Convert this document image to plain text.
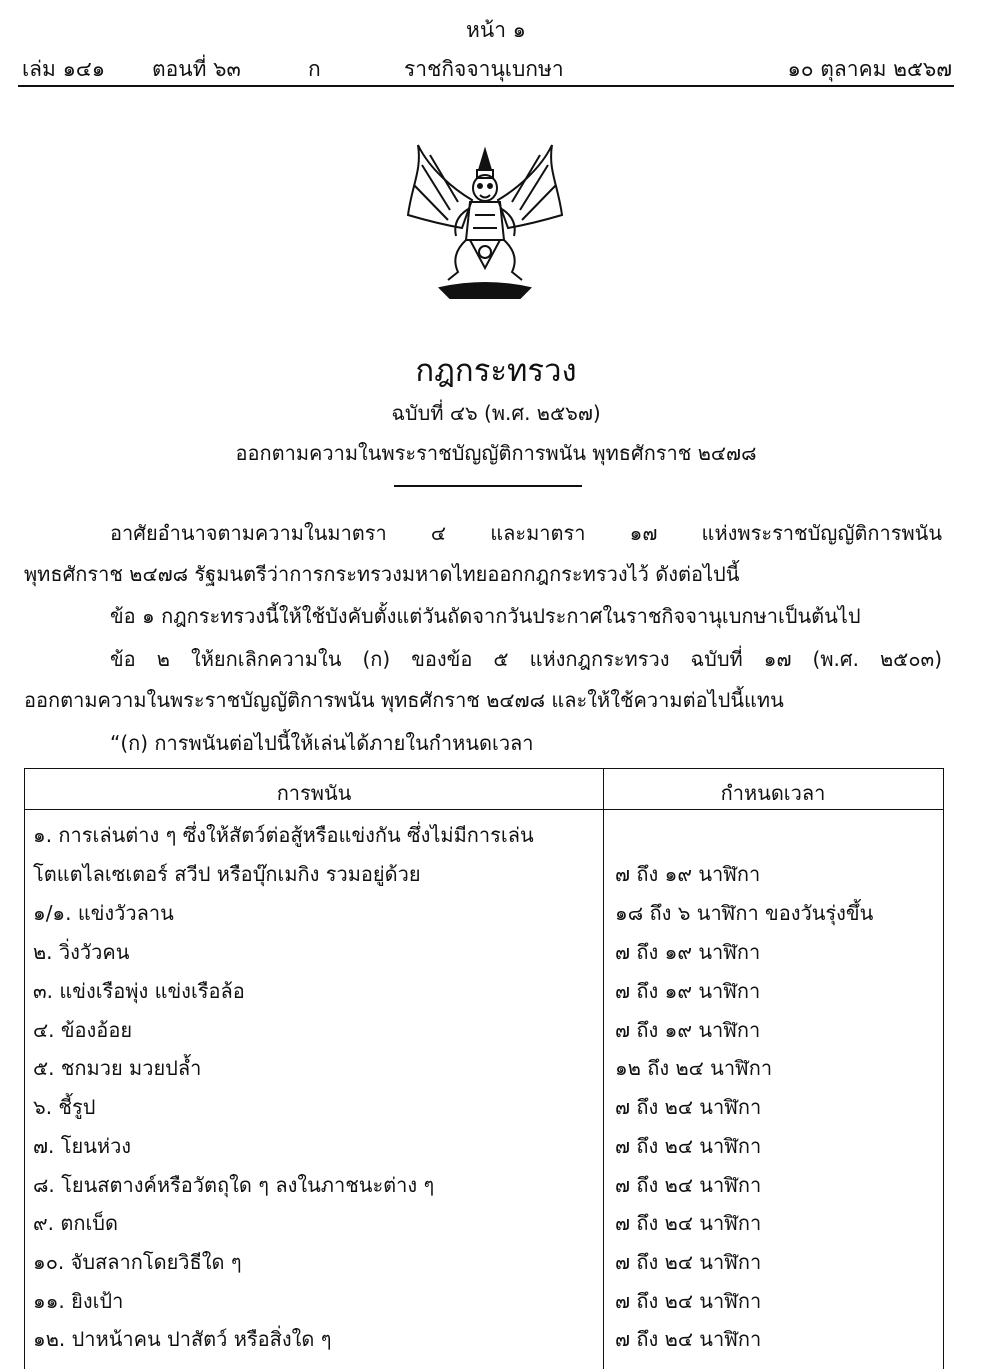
หน้า ๑
เล่ม ๑๔๑ ตอนที่ ๖๓	ก	ราชกิจจานุเบกษา	๑๐ ตุลาคม ๒๕๖๗
กฎกระทรวง
ฉบับที่ ๔๖ (พ.ศ. ๒๕๖๗)
ออกตามความในพระราชบัญญัติการพนัน พุทธศักราช ๒๔๗๘
อาศัยอำนาจตามความในมาตรา ๔ และมาตรา ๑๗ แห่งพระราชบัญญัติการพนัน
พุทธศักราช ๒๔๗๘ รัฐมนตรีว่าการกระทรวงมหาดไทยออกกฎกระทรวงไว้ ดังต่อไปนี้
ข้อ ๑ กฎกระทรวงนี้ให้ใช้บังคับตั้งแต่วันถัดจากวันประกาศในราชกิจจานุเบกษาเป็นต้นไป
ข้อ ๒ ให้ยกเลิกความใน (ก) ของข้อ ๕ แห่งกฎกระทรวง ฉบับที่ ๑๗ (พ.ศ. ๒๕๐๓)
ออกตามความในพระราชบัญญัติการพนัน พุทธศักราช ๒๔๗๘ และให้ใช้ความต่อไปนี้แทน
“(ก) การพนันต่อไปนี้ให้เล่นได้ภายในกำหนดเวลา
การพนัน	กำหนดเวลา
๑. การเล่นต่าง ๆ ซึ่งให้สัตว์ต่อสู้หรือแข่งกัน ซึ่งไม่มีการเล่น
โตแตไลเซเตอร์ สวีป หรือบุ๊กเมกิง รวมอยู่ด้วย	๗ ถึง ๑๙ นาฬิกา
๑/๑. แข่งวัวลาน	๑๘ ถึง ๖ นาฬิกา ของวันรุ่งขึ้น
๒. วิ่งวัวคน	๗ ถึง ๑๙ นาฬิกา
๓. แข่งเรือพุ่ง แข่งเรือล้อ	๗ ถึง ๑๙ นาฬิกา
๔. ข้องอ้อย	๗ ถึง ๑๙ นาฬิกา
๕. ชกมวย มวยปล้ำ	๑๒ ถึง ๒๔ นาฬิกา
๖. ชี้รูป	๗ ถึง ๒๔ นาฬิกา
๗. โยนห่วง	๗ ถึง ๒๔ นาฬิกา
๘. โยนสตางค์หรือวัตถุใด ๆ ลงในภาชนะต่าง ๆ	๗ ถึง ๒๔ นาฬิกา
๙. ตกเบ็ด	๗ ถึง ๒๔ นาฬิกา
๑๐. จับสลากโดยวิธีใด ๆ	๗ ถึง ๒๔ นาฬิกา
๑๑. ยิงเป้า	๗ ถึง ๒๔ นาฬิกา
๑๒. ปาหน้าคน ปาสัตว์ หรือสิ่งใด ๆ	๗ ถึง ๒๔ นาฬิกา
